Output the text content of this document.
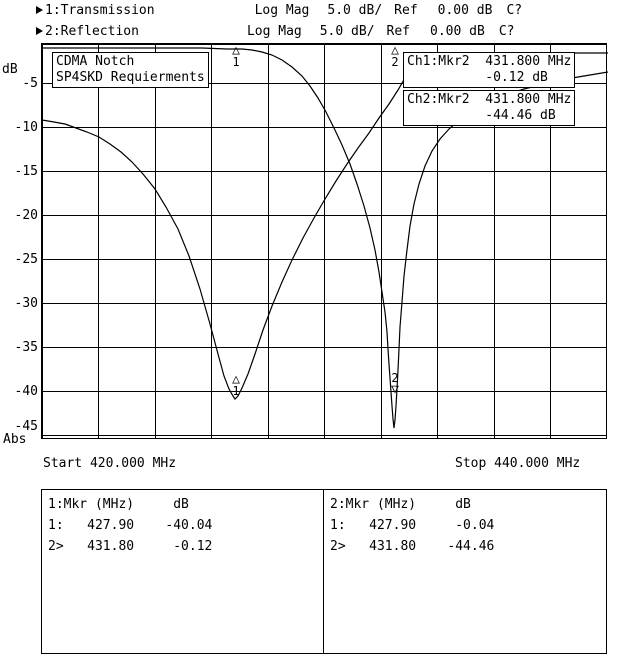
1:Transmission	Log Mag 5.0 dB/ Ref 0.00 dB C?
2:Reflection	Log Mag 5.0 dB/ Ref 0.00 dB C?
dB
-5
-10
-15
-20
-25
-30
-35
-40
-45
Abs
CDMA Notch
SP4SKD Requierments
Ch1:Mkr2  431.800 MHz
-0.12 dB
Ch2:Mkr2  431.800 MHz
-44.46 dB
△
1
△
1
△
2
2
▽
Start 420.000 MHz	Stop 440.000 MHz
1:Mkr (MHz)     dB
1:   427.90    -40.04
2>   431.80     -0.12
2:Mkr (MHz)     dB
1:   427.90     -0.04
2>   431.80    -44.46
